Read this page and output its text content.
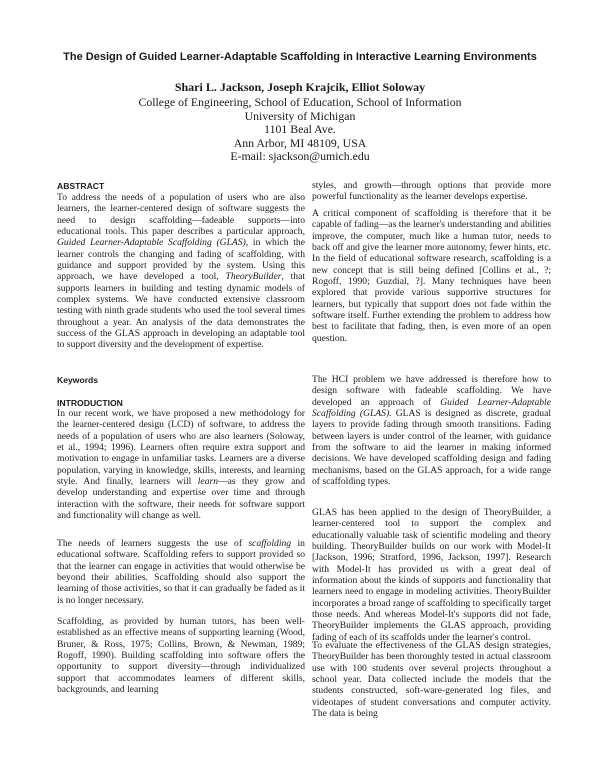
The Design of Guided Learner-Adaptable Scaffolding in Interactive Learning Environments
Shari L. Jackson, Joseph Krajcik, Elliot Soloway
College of Engineering, School of Education, School of Information
University of Michigan
1101 Beal Ave.
Ann Arbor, MI 48109, USA
E-mail: sjackson@umich.edu
ABSTRACT

To address the needs of a population of users who are also learners, the learner-centered design of software suggests the need to design scaffolding—fadeable supports—into educational tools. This paper describes a particular approach, Guided Learner-Adaptable Scaffolding (GLAS), in which the learner controls the changing and fading of scaffolding, with guidance and support provided by the system. Using this approach, we have developed a tool, TheoryBuilder, that supports learners in building and testing dynamic models of complex systems. We have conducted extensive classroom testing with ninth grade students who used the tool several times throughout a year. An analysis of the data demonstrates the success of the GLAS approach in developing an adaptable tool to support diversity and the development of expertise.

Keywords
INTRODUCTION

In our recent work, we have proposed a new methodology for the learner-centered design (LCD) of software, to address the needs of a population of users who are also learners (Soloway, et al., 1994; 1996). Learners often require extra support and motivation to engage in unfamiliar tasks. Learners are a diverse population, varying in knowledge, skills, interests, and learning style. And finally, learners will learn—as they grow and develop understanding and expertise over time and through interaction with the software, their needs for software support and functionality will change as well.

The needs of learners suggests the use of scaffolding in educational software. Scaffolding refers to support provided so that the learner can engage in activities that would otherwise be beyond their abilities. Scaffolding should also support the learning of those activities, so that it can gradually be faded as it is no longer necessary.

Scaffolding, as provided by human tutors, has been well-established as an effective means of supporting learning (Wood, Bruner, & Ross, 1975; Collins, Brown, & Newman, 1989; Rogoff, 1990). Building scaffolding into software offers the opportunity to support diversity—through individualized support that accommodates learners of different skills, backgrounds, and learning

styles, and growth—through options that provide more powerful functionality as the learner develops expertise.

A critical component of scaffolding is therefore that it be capable of fading—as the learner's understanding and abilities improve, the computer, much like a human tutor, needs to back off and give the learner more autonomy, fewer hints, etc. In the field of educational software research, scaffolding is a new concept that is still being defined [Collins et al., ?; Rogoff, 1990; Guzdial, ?]. Many techniques have been explored that provide various supportive structures for learners, but typically that support does not fade within the software itself. Further extending the problem to address how best to facilitate that fading, then, is even more of an open question.

The HCI problem we have addressed is therefore how to design software with fadeable scaffolding. We have developed an approach of Guided Learner-Adaptable Scaffolding (GLAS). GLAS is designed as discrete, gradual layers to provide fading through smooth transitions. Fading between layers is under control of the learner, with guidance from the software to aid the learner in making informed decisions. We have developed scaffolding design and fading mechanisms, based on the GLAS approach, for a wide range of scaffolding types.

GLAS has been applied to the design of TheoryBuilder, a learner-centered tool to support the complex and educationally valuable task of scientific modeling and theory building. TheoryBuilder builds on our work with Model-It [Jackson, 1996; Stratford, 1996, Jackson, 1997]. Research with Model-It has provided us with a great deal of information about the kinds of supports and functionality that learners need to engage in modeling activities. TheoryBuilder incorporates a broad range of scaffolding to specifically target those needs. And whereas Model-It's supports did not fade, TheoryBuilder implements the GLAS approach, providing fading of each of its scaffolds under the learner's control.

To evaluate the effectiveness of the GLAS design strategies, TheoryBuilder has been thoroughly tested in actual classroom use with 100 students over several projects throughout a school year. Data collected include the models that the students constructed, soft-ware-generated log files, and videotapes of student conversations and computer activity. The data is being
